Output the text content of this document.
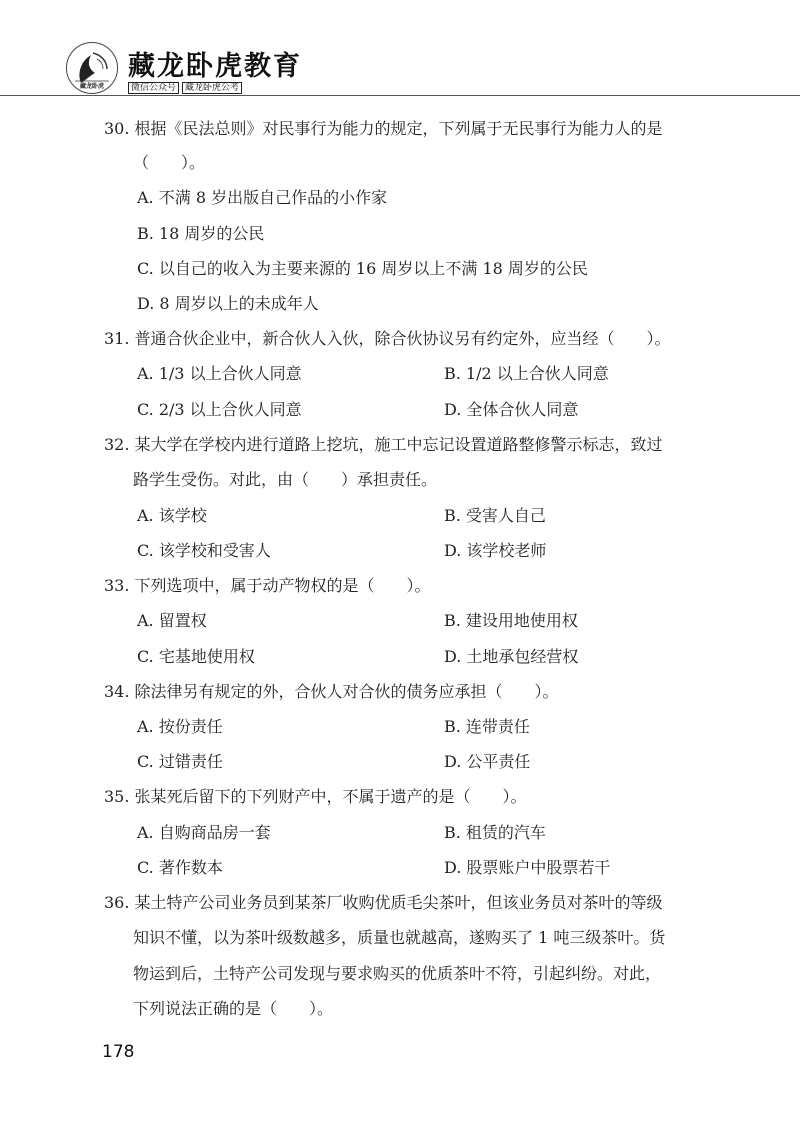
藏龙卧虎
藏龙卧虎教育
微信公众号 藏龙卧虎公考
30. 根据《民法总则》对民事行为能力的规定，下列属于无民事行为能力人的是
（　　）。
A. 不满 8 岁出版自己作品的小作家
B. 18 周岁的公民
C. 以自己的收入为主要来源的 16 周岁以上不满 18 周岁的公民
D. 8 周岁以上的未成年人
31. 普通合伙企业中，新合伙人入伙，除合伙协议另有约定外，应当经（　　）。
A. 1/3 以上合伙人同意	B. 1/2 以上合伙人同意
C. 2/3 以上合伙人同意	D. 全体合伙人同意
32. 某大学在学校内进行道路上挖坑，施工中忘记设置道路整修警示标志，致过
路学生受伤。对此，由（　　）承担责任。
A. 该学校	B. 受害人自己
C. 该学校和受害人	D. 该学校老师
33. 下列选项中，属于动产物权的是（　　）。
A. 留置权	B. 建设用地使用权
C. 宅基地使用权	D. 土地承包经营权
34. 除法律另有规定的外，合伙人对合伙的债务应承担（　　）。
A. 按份责任	B. 连带责任
C. 过错责任	D. 公平责任
35. 张某死后留下的下列财产中，不属于遗产的是（　　）。
A. 自购商品房一套	B. 租赁的汽车
C. 著作数本	D. 股票账户中股票若干
36. 某土特产公司业务员到某茶厂收购优质毛尖茶叶，但该业务员对茶叶的等级
知识不懂，以为茶叶级数越多，质量也就越高，遂购买了 1 吨三级茶叶。货
物运到后，土特产公司发现与要求购买的优质茶叶不符，引起纠纷。对此，
下列说法正确的是（　　）。
178
